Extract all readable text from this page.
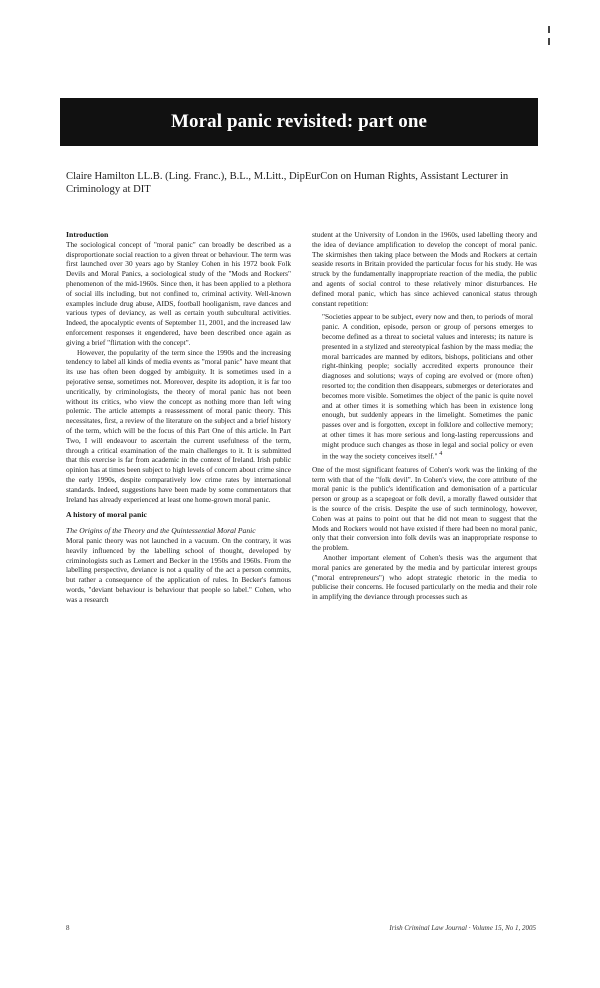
Moral panic revisited: part one
Claire Hamilton LL.B. (Ling. Franc.), B.L., M.Litt., DipEurCon on Human Rights, Assistant Lecturer in Criminology at DIT

Introduction

The sociological concept of "moral panic" can broadly be described as a disproportionate social reaction to a given threat or behaviour. The term was first launched over 30 years ago by Stanley Cohen in his 1972 book Folk Devils and Moral Panics, a sociological study of the "Mods and Rockers" phenomenon of the mid-1960s. Since then, it has been applied to a plethora of social ills including, but not confined to, criminal activity. Well-known examples include drug abuse, AIDS, football hooliganism, rave dances and various types of deviancy, as well as certain youth subcultural activities. Indeed, the apocalyptic events of September 11, 2001, and the increased law enforcement responses it engendered, have been described once again as giving a brief "flirtation with the concept".

However, the popularity of the term since the 1990s and the increasing tendency to label all kinds of media events as "moral panic" have meant that its use has often been dogged by ambiguity. It is sometimes used in a pejorative sense, sometimes not. Moreover, despite its adoption, it is far too uncritically, by criminologists, the theory of moral panic has not been without its critics, who view the concept as nothing more than left wing polemic. The article attempts a reassessment of moral panic theory. This necessitates, first, a review of the literature on the subject and a brief history of the term, which will be the focus of this Part One of this article. In Part Two, I will endeavour to ascertain the current usefulness of the term, through a critical examination of the main challenges to it. It is submitted that this exercise is far from academic in the context of Ireland. Irish public opinion has at times been subject to high levels of concern about crime since the early 1990s, despite comparatively low crime rates by international standards. Indeed, suggestions have been made by some commentators that Ireland has already experienced at least one home-grown moral panic.

A history of moral panic

The Origins of the Theory and the Quintessential Moral Panic

Moral panic theory was not launched in a vacuum. On the contrary, it was heavily influenced by the labelling school of thought, developed by criminologists such as Lemert and Becker in the 1950s and 1960s. From the labelling perspective, deviance is not a quality of the act a person commits, but rather a consequence of the application of rules. In Becker's famous words, "deviant behaviour is behaviour that people so label." Cohen, who was a research

student at the University of London in the 1960s, used labelling theory and the idea of deviance amplification to develop the concept of moral panic. The skirmishes then taking place between the Mods and Rockers at certain seaside resorts in Britain provided the particular focus for his study. He was struck by the fundamentally inappropriate reaction of the media, the public and agents of social control to these relatively minor disturbances. He defined moral panic, which has since achieved canonical status through constant repetition:

"Societies appear to be subject, every now and then, to periods of moral panic. A condition, episode, person or group of persons emerges to become defined as a threat to societal values and interests; its nature is presented in a stylized and stereotypical fashion by the mass media; the moral barricades are manned by editors, bishops, politicians and other right-thinking people; socially accredited experts pronounce their diagnoses and solutions; ways of coping are evolved or (more often) resorted to; the condition then disappears, submerges or deteriorates and becomes more visible. Sometimes the object of the panic is quite novel and at other times it is something which has been in existence long enough, but suddenly appears in the limelight. Sometimes the panic passes over and is forgotten, except in folklore and collective memory; at other times it has more serious and long-lasting repercussions and might produce such changes as those in legal and social policy or even in the way the society conceives itself." $^4$

One of the most significant features of Cohen's work was the linking of the term with that of the "folk devil". In Cohen's view, the core attribute of the moral panic is the public's identification and demonisation of a particular person or group as a scapegoat or folk devil, a morally flawed outsider that is the source of the crisis. Despite the use of such terminology, however, Cohen was at pains to point out that he did not mean to suggest that the Mods and Rockers would not have existed if there had been no moral panic, only that their conversion into folk devils was an inappropriate response to the problem.

Another important element of Cohen's thesis was the argument that moral panics are generated by the media and by particular interest groups ("moral entrepreneurs") who adopt strategic rhetoric in the media to publicise their concerns. He focused particularly on the media and their role in amplifying the deviance through processes such as

8	Irish Criminal Law Journal · Volume 15, No 1, 2005
